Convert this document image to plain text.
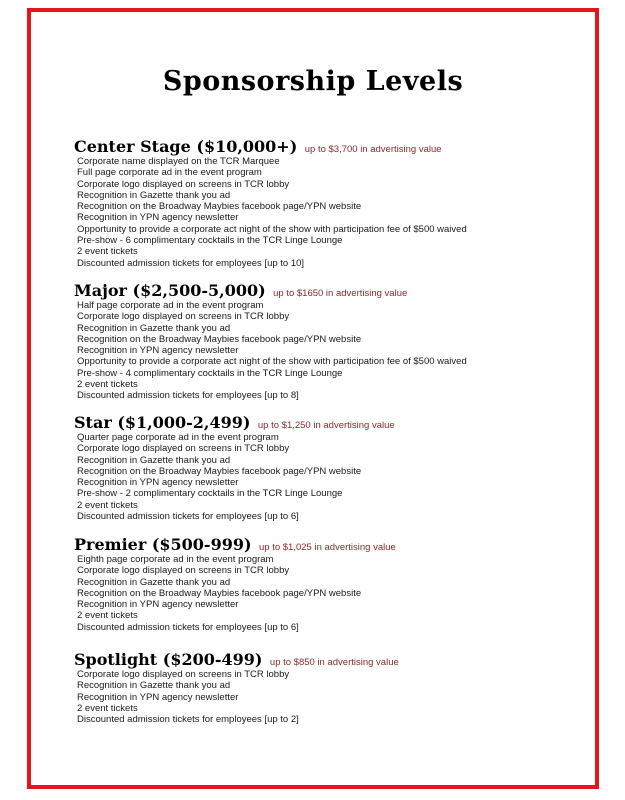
Sponsorship Levels
Center Stage ($10,000+) up to $3,700 in advertising value
Corporate name displayed on the TCR Marquee
Full page corporate ad in the event program
Corporate logo displayed on screens in TCR lobby
Recognition in Gazette thank you ad
Recognition on the Broadway Maybies facebook page/YPN website
Recognition in YPN agency newsletter
Opportunity to provide a corporate act night of the show with participation fee of $500 waived
Pre-show - 6 complimentary cocktails in the TCR Linge Lounge
2 event tickets
Discounted admission tickets for employees [up to 10]
Major ($2,500-5,000) up to $1650 in advertising value
Half page corporate ad in the event program
Corporate logo displayed on screens in TCR lobby
Recognition in Gazette thank you ad
Recognition on the Broadway Maybies facebook page/YPN website
Recognition in YPN agency newsletter
Opportunity to provide a corporate act night of the show with participation fee of $500 waived
Pre-show - 4 complimentary cocktails in the TCR Linge Lounge
2 event tickets
Discounted admission tickets for employees [up to 8]
Star ($1,000-2,499) up to $1,250 in advertising value
Quarter page corporate ad in the event program
Corporate logo displayed on screens in TCR lobby
Recognition in Gazette thank you ad
Recognition on the Broadway Maybies facebook page/YPN website
Recognition in YPN agency newsletter
Pre-show - 2 complimentary cocktails in the TCR Linge Lounge
2 event tickets
Discounted admission tickets for employees [up to 6]
Premier ($500-999) up to $1,025 in advertising value
Eighth page corporate ad in the event program
Corporate logo displayed on screens in TCR lobby
Recognition in Gazette thank you ad
Recognition on the Broadway Maybies facebook page/YPN website
Recognition in YPN agency newsletter
2 event tickets
Discounted admission tickets for employees [up to 6]
Spotlight ($200-499) up to $850 in advertising value
Corporate logo displayed on screens in TCR lobby
Recognition in Gazette thank you ad
Recognition in YPN agency newsletter
2 event tickets
Discounted admission tickets for employees [up to 2]
